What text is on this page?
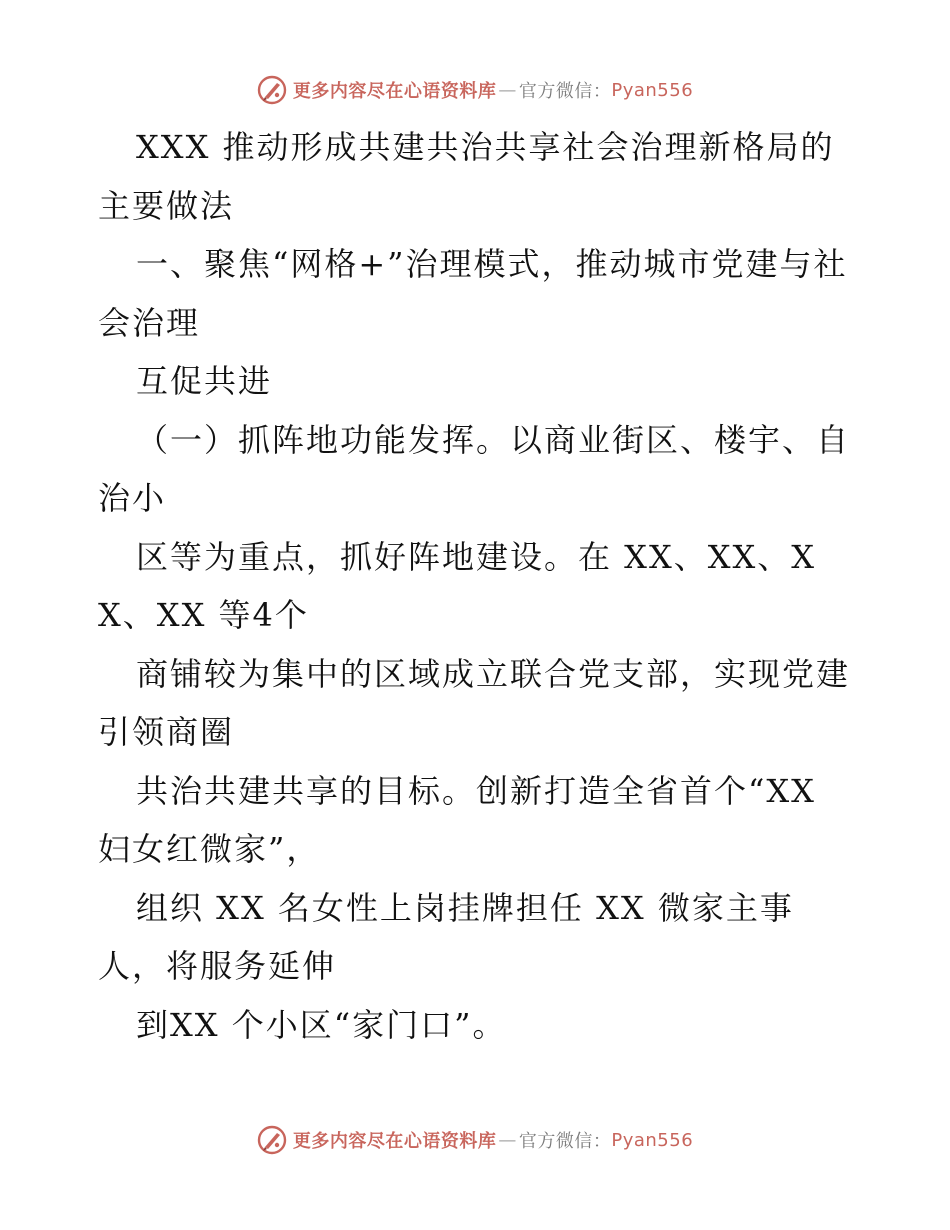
更多内容尽在心语资料库 — 官方微信： Pyan556

XXX 推动形成共建共治共享社会治理新格局的主要做法

一、聚焦“网格+”治理模式，推动城市党建与社会治理

互促共进

（一）抓阵地功能发挥。以商业街区、楼宇、自治小

区等为重点，抓好阵地建设。在 XX、XX、XX、XX 等4个

商铺较为集中的区域成立联合党支部，实现党建引领商圈

共治共建共享的目标。创新打造全省首个“XX 妇女红微家”，

组织 XX 名女性上岗挂牌担任 XX 微家主事人，将服务延伸

到XX 个小区“家门口”。

更多内容尽在心语资料库 — 官方微信： Pyan556
